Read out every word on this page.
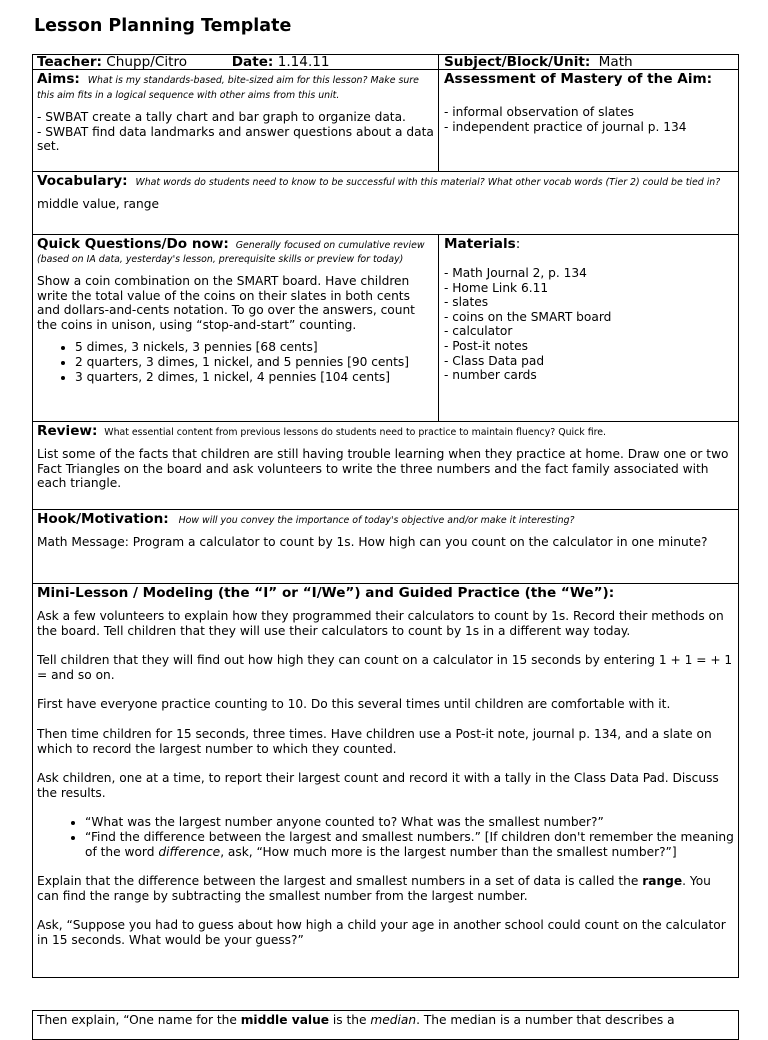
Lesson Planning Template
Teacher: Chupp/Citro	Date: 1.14.11	Subject/Block/Unit: Math
Aims: What is my standards-based, bite-sized aim for this lesson? Make sure this aim fits in a logical sequence with other aims from this unit.

- SWBAT create a tally chart and bar graph to organize data.

- SWBAT find data landmarks and answer questions about a data set.

Assessment of Mastery of the Aim:

- informal observation of slates

- independent practice of journal p. 134

Vocabulary: What words do students need to know to be successful with this material? What other vocab words (Tier 2) could be tied in?

middle value, range

Quick Questions/Do now: Generally focused on cumulative review (based on IA data, yesterday's lesson, prerequisite skills or preview for today)

Show a coin combination on the SMART board. Have children write the total value of the coins on their slates in both cents and dollars-and-cents notation. To go over the answers, count the coins in unison, using “stop-and-start” counting.

• 5 dimes, 3 nickels, 3 pennies [68 cents]
• 2 quarters, 3 dimes, 1 nickel, and 5 pennies [90 cents]
• 3 quarters, 2 dimes, 1 nickel, 4 pennies [104 cents]
Materials:

- Math Journal 2, p. 134

- Home Link 6.11

- slates

- coins on the SMART board

- calculator

- Post-it notes

- Class Data pad

- number cards

Review: What essential content from previous lessons do students need to practice to maintain fluency? Quick fire.

List some of the facts that children are still having trouble learning when they practice at home. Draw one or two Fact Triangles on the board and ask volunteers to write the three numbers and the fact family associated with each triangle.

Hook/Motivation: How will you convey the importance of today's objective and/or make it interesting?

Math Message: Program a calculator to count by 1s. How high can you count on the calculator in one minute?

Mini-Lesson / Modeling (the “I” or “I/We”) and Guided Practice (the “We”):

Ask a few volunteers to explain how they programmed their calculators to count by 1s. Record their methods on the board. Tell children that they will use their calculators to count by 1s in a different way today.

Tell children that they will find out how high they can count on a calculator in 15 seconds by entering 1 + 1 = + 1 = and so on.

First have everyone practice counting to 10. Do this several times until children are comfortable with it.

Then time children for 15 seconds, three times. Have children use a Post-it note, journal p. 134, and a slate on which to record the largest number to which they counted.

Ask children, one at a time, to report their largest count and record it with a tally in the Class Data Pad. Discuss the results.

• “What was the largest number anyone counted to? What was the smallest number?”
• “Find the difference between the largest and smallest numbers.” [If children don't remember the meaning of the word difference, ask, “How much more is the largest number than the smallest number?”]

Explain that the difference between the largest and smallest numbers in a set of data is called the range. You can find the range by subtracting the smallest number from the largest number.

Ask, “Suppose you had to guess about how high a child your age in another school could count on the calculator in 15 seconds. What would be your guess?”

Then explain, “One name for the middle value is the median. The median is a number that describes a
